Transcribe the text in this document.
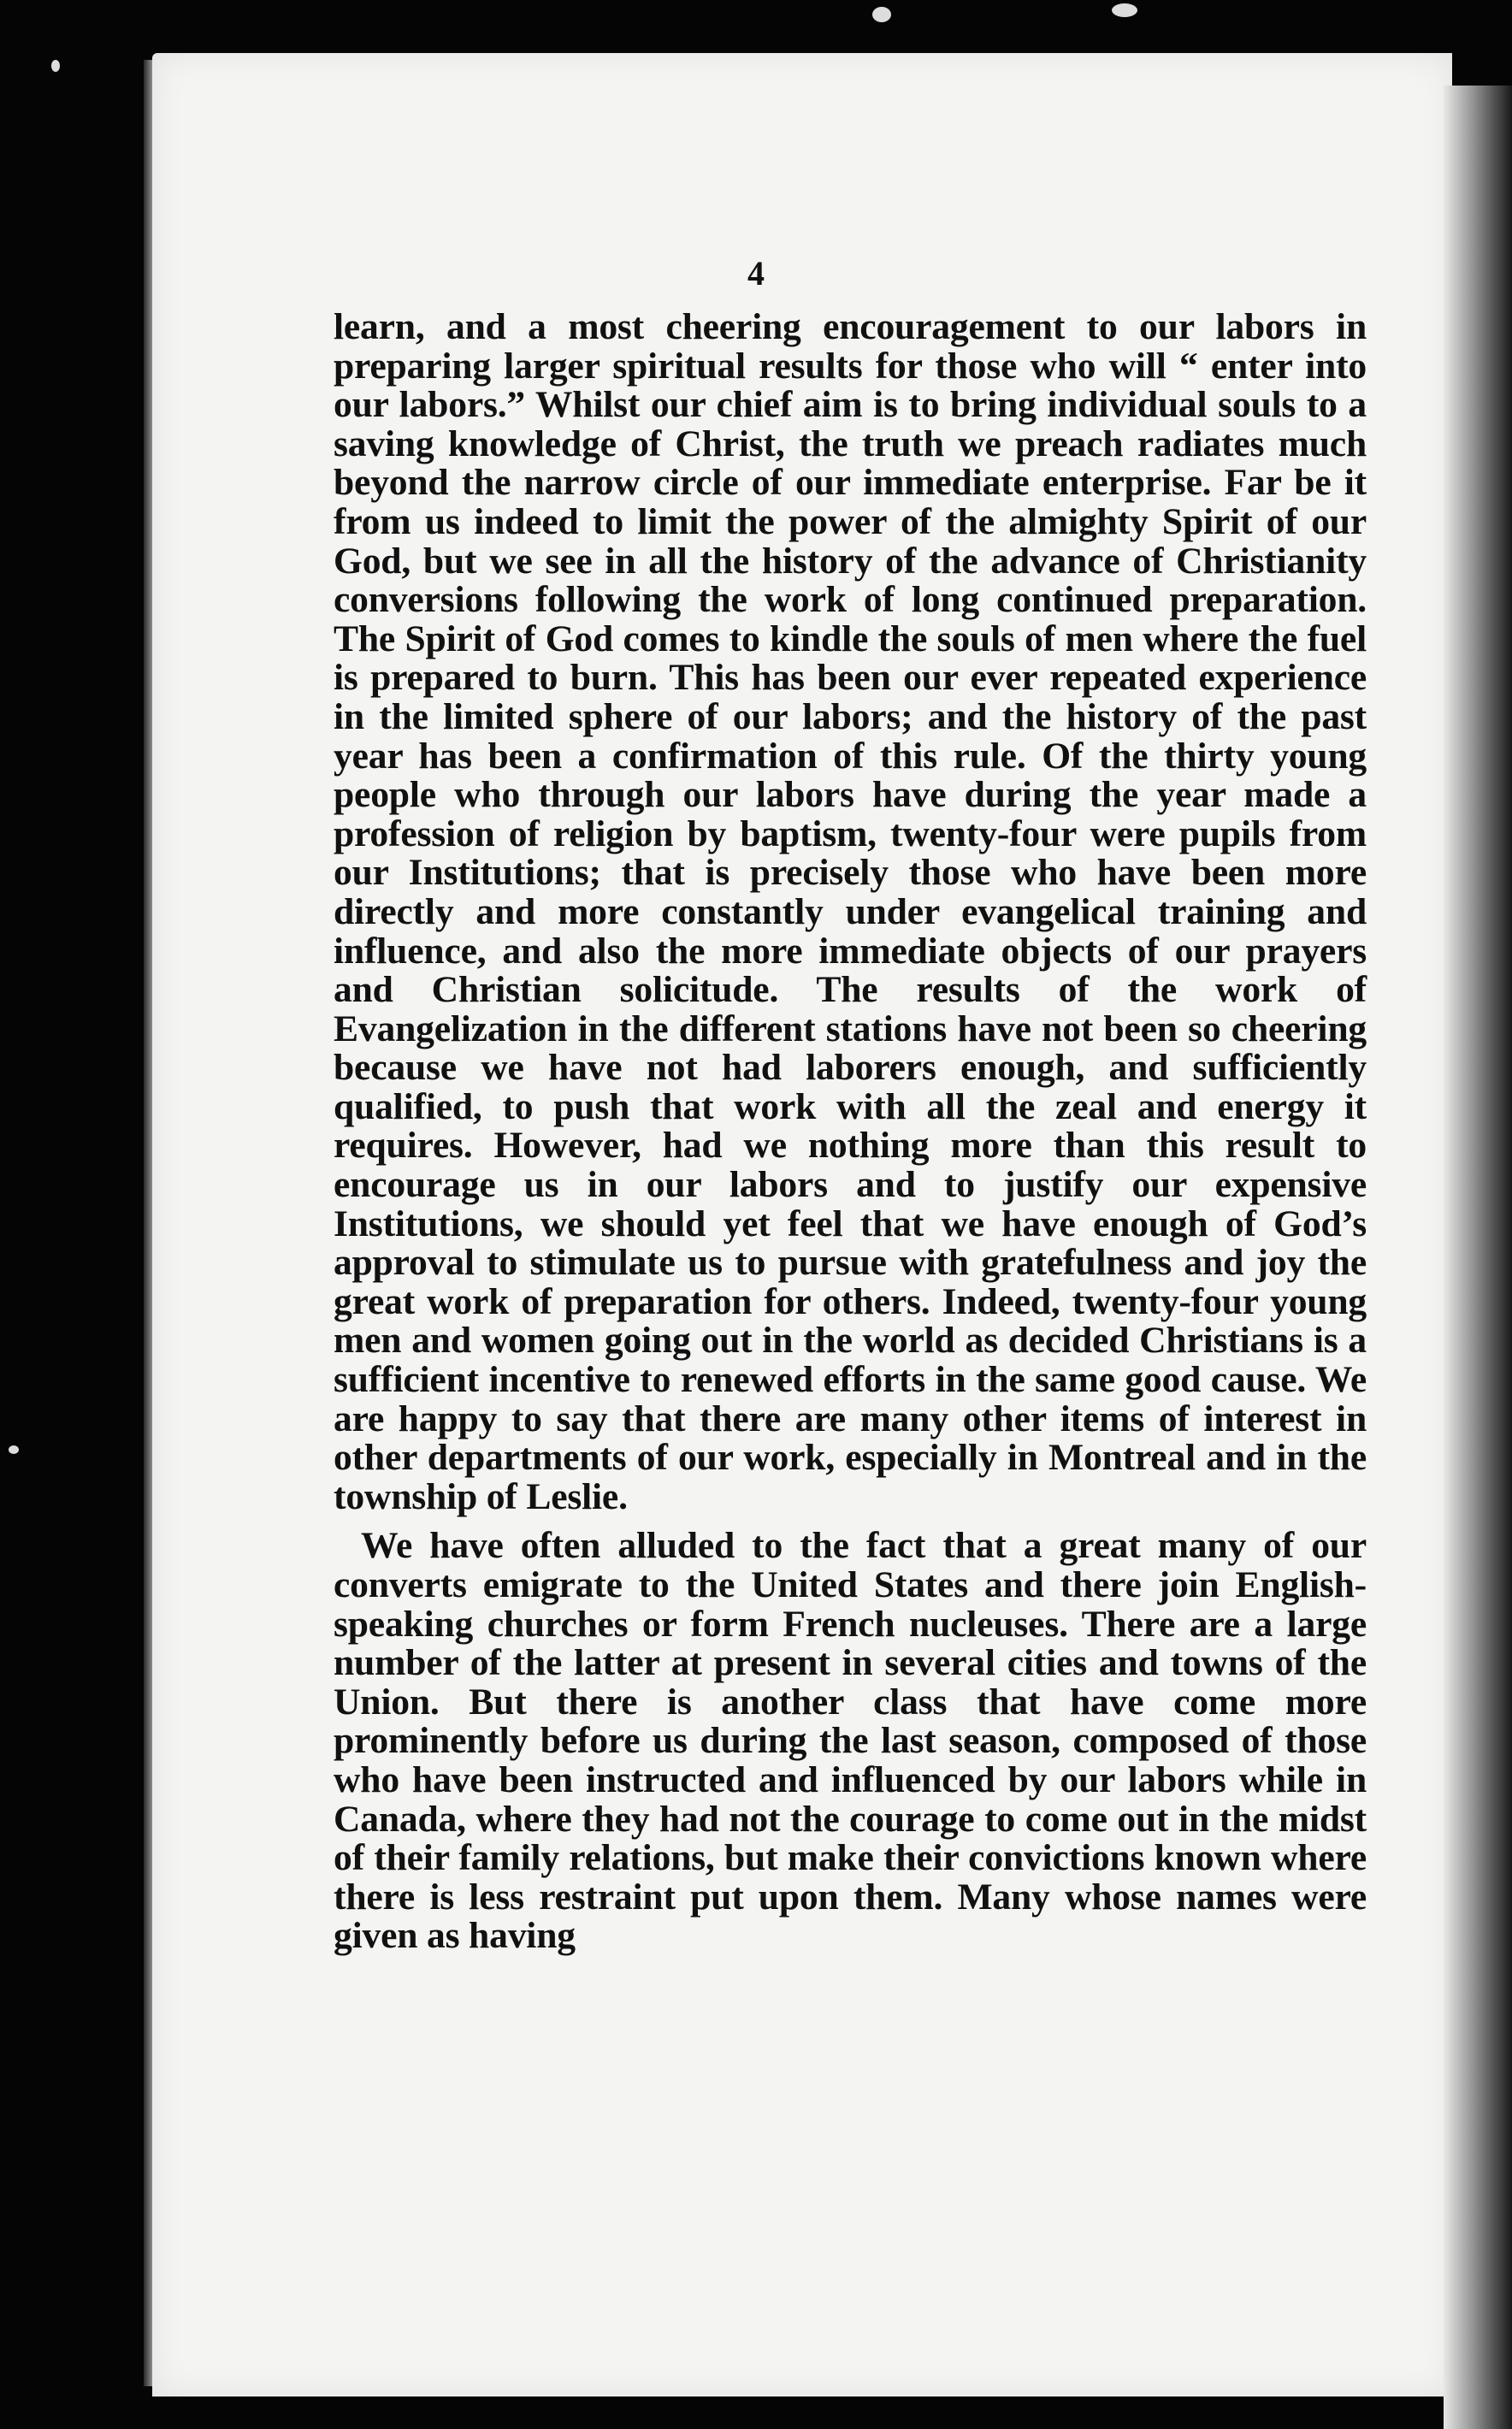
4

learn, and a most cheering encouragement to our labors in preparing larger spiritual results for those who will “ enter into our labors.” Whilst our chief aim is to bring individual souls to a saving knowledge of Christ, the truth we preach radiates much beyond the narrow circle of our immediate enterprise. Far be it from us indeed to limit the power of the almighty Spirit of our God, but we see in all the history of the advance of Christianity conversions following the work of long continued preparation. The Spirit of God comes to kindle the souls of men where the fuel is prepared to burn. This has been our ever repeated experience in the limited sphere of our labors; and the history of the past year has been a confirmation of this rule. Of the thirty young people who through our labors have during the year made a profession of religion by baptism, twenty-four were pupils from our Institutions; that is precisely those who have been more directly and more constantly under evangelical training and influence, and also the more immediate objects of our prayers and Christian solicitude. The results of the work of Evangelization in the different stations have not been so cheering because we have not had laborers enough, and sufficiently qualified, to push that work with all the zeal and energy it requires. However, had we nothing more than this result to encourage us in our labors and to justify our expensive Institutions, we should yet feel that we have enough of God’s approval to stimulate us to pursue with gratefulness and joy the great work of preparation for others. Indeed, twenty-four young men and women going out in the world as decided Christians is a sufficient incentive to renewed efforts in the same good cause. We are happy to say that there are many other items of interest in other departments of our work, especially in Montreal and in the township of Leslie.

We have often alluded to the fact that a great many of our converts emigrate to the United States and there join English-speaking churches or form French nucleuses. There are a large number of the latter at present in several cities and towns of the Union. But there is another class that have come more prominently before us during the last season, composed of those who have been instructed and influenced by our labors while in Canada, where they had not the courage to come out in the midst of their family relations, but make their convictions known where there is less restraint put upon them. Many whose names were given as having
